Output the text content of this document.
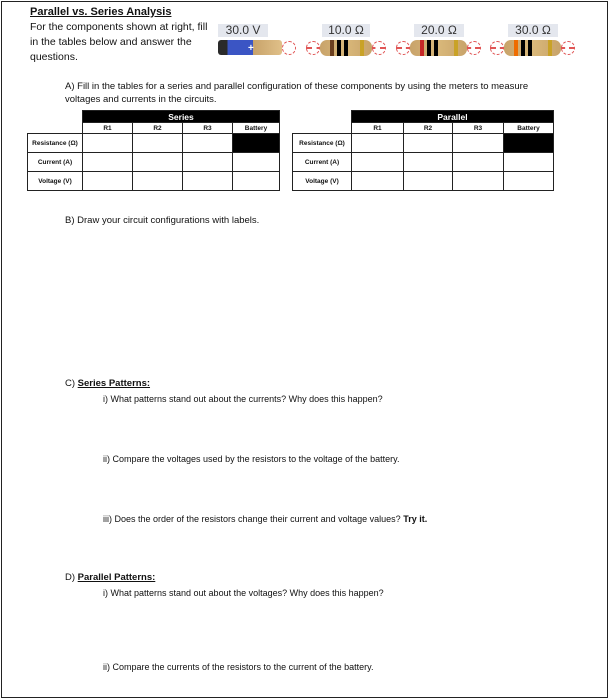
Parallel vs. Series Analysis
For the components shown at right, fill in the tables below and answer the questions.
30.0 V
+
10.0 Ω	20.0 Ω	30.0 Ω
A) Fill in the tables for a series and parallel configuration of these components by using the meters to measure voltages and currents in the circuits.
	Series			
	R1	R2	R3	Battery
Resistance (Ω)				
Current (A)				
Voltage (V)				
	Parallel			
	R1	R2	R3	Battery
Resistance (Ω)				
Current (A)				
Voltage (V)				
B) Draw your circuit configurations with labels.
C) Series Patterns:
i) What patterns stand out about the currents? Why does this happen?
ii) Compare the voltages used by the resistors to the voltage of the battery.
iii) Does the order of the resistors change their current and voltage values? Try it.
D) Parallel Patterns:
i) What patterns stand out about the voltages? Why does this happen?
ii) Compare the currents of the resistors to the current of the battery.
